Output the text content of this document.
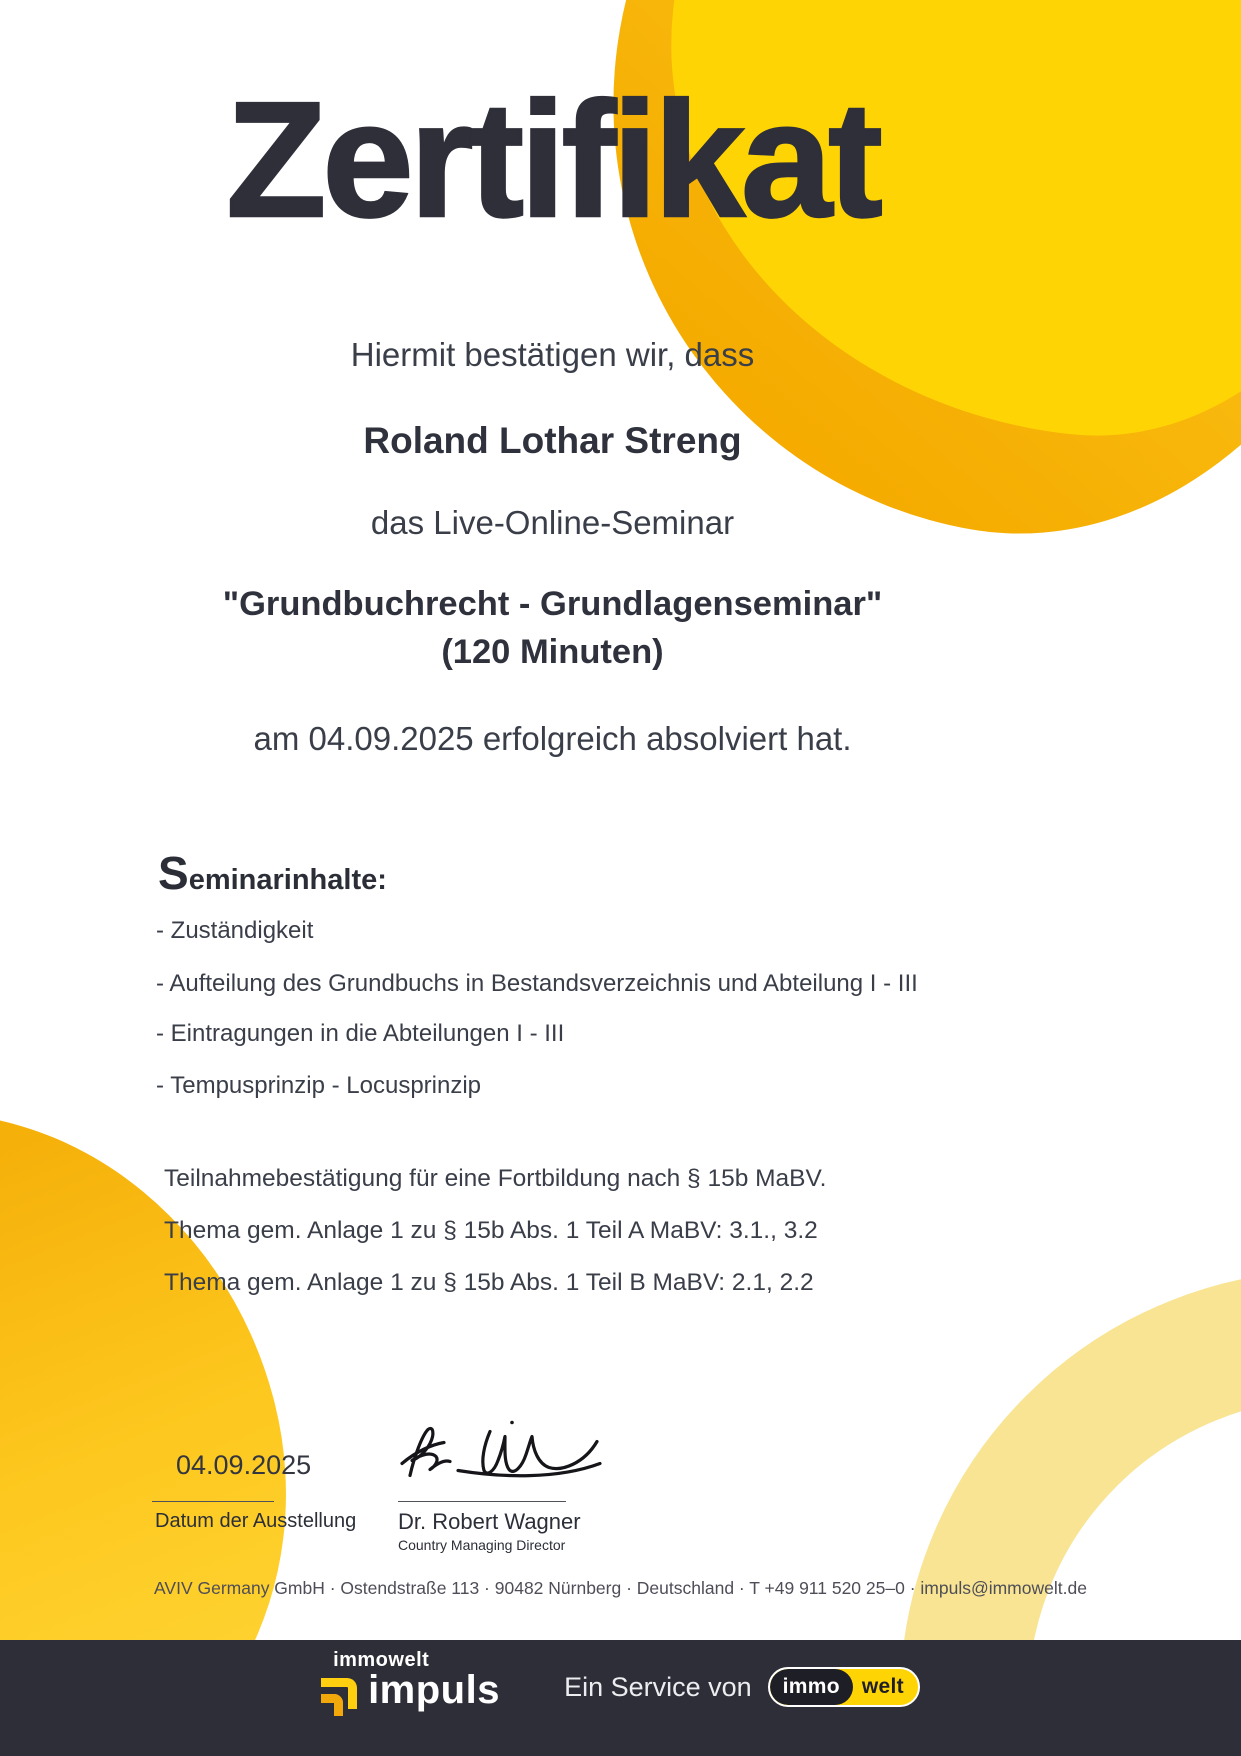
Zertifikat
Hiermit bestätigen wir, dass
Roland Lothar Streng
das Live-Online-Seminar
"Grundbuchrecht - Grundlagenseminar"
(120 Minuten)
am 04.09.2025 erfolgreich absolviert hat.
Seminarinhalte:
- Zuständigkeit
- Aufteilung des Grundbuchs in Bestandsverzeichnis und Abteilung I - III
- Eintragungen in die Abteilungen I - III
- Tempusprinzip - Locusprinzip
Teilnahmebestätigung für eine Fortbildung nach § 15b MaBV.
Thema gem. Anlage 1 zu § 15b Abs. 1 Teil A MaBV: 3.1., 3.2
Thema gem. Anlage 1 zu § 15b Abs. 1 Teil B MaBV: 2.1, 2.2
04.09.2025
Datum der Ausstellung Dr. Robert Wagner
Country Managing Director
AVIV Germany GmbH · Ostendstraße 113 · 90482 Nürnberg · Deutschland · T +49 911 520 25–0 · impuls@immowelt.de
immowelt
impuls Ein Service von	immo	welt
